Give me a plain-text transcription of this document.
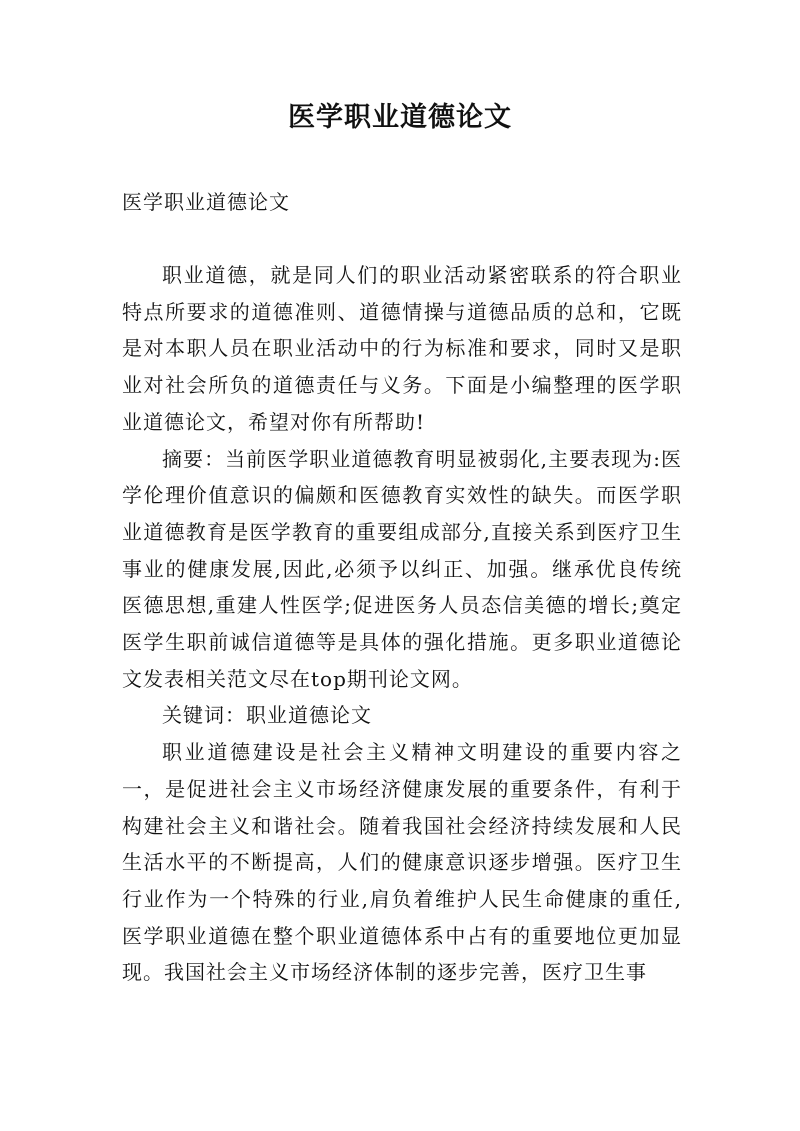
医学职业道德论文
医学职业道德论文

职业道德，就是同人们的职业活动紧密联系的符合职业特点所要求的道德准则、道德情操与道德品质的总和，它既是对本职人员在职业活动中的行为标准和要求，同时又是职业对社会所负的道德责任与义务。下面是小编整理的医学职业道德论文，希望对你有所帮助!

摘要：当前医学职业道德教育明显被弱化,主要表现为:医学伦理价值意识的偏颇和医德教育实效性的缺失。而医学职业道德教育是医学教育的重要组成部分,直接关系到医疗卫生事业的健康发展,因此,必须予以纠正、加强。继承优良传统医德思想,重建人性医学;促进医务人员态信美德的增长;奠定医学生职前诚信道德等是具体的强化措施。更多职业道德论文发表相关范文尽在top期刊论文网。

关键词：职业道德论文

职业道德建设是社会主义精神文明建设的重要内容之一，是促进社会主义市场经济健康发展的重要条件，有利于构建社会主义和谐社会。随着我国社会经济持续发展和人民生活水平的不断提高，人们的健康意识逐步增强。医疗卫生行业作为一个特殊的行业,肩负着维护人民生命健康的重任,医学职业道德在整个职业道德体系中占有的重要地位更加显现。我国社会主义市场经济体制的逐步完善，医疗卫生事
